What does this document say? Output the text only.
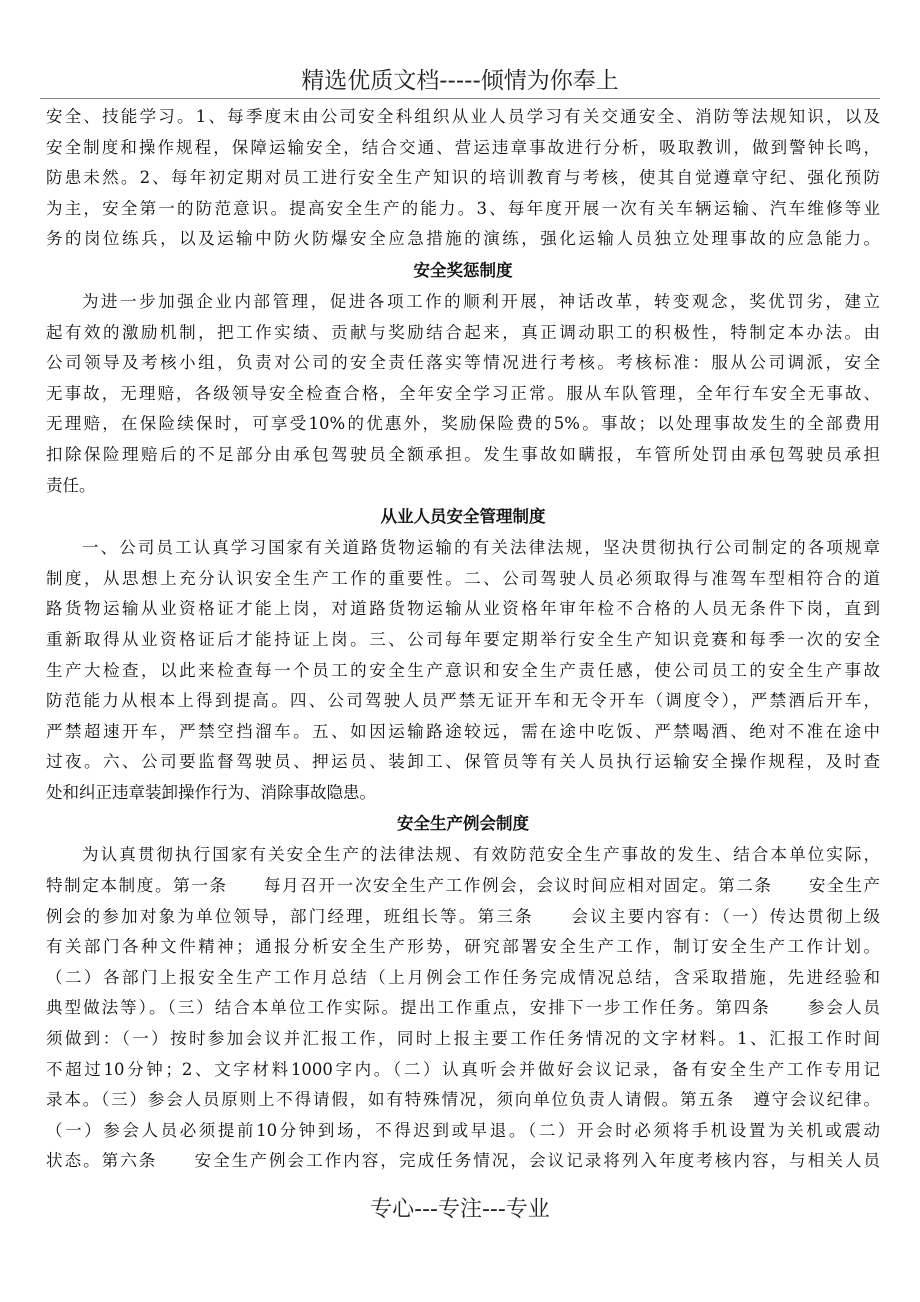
精选优质文档-----倾情为你奉上
安全、技能学习。1、每季度末由公司安全科组织从业人员学习有关交通安全、消防等法规知识，以及
安全制度和操作规程，保障运输安全，结合交通、营运违章事故进行分析，吸取教训，做到警钟长鸣，
防患未然。2、每年初定期对员工进行安全生产知识的培训教育与考核，使其自觉遵章守纪、强化预防
为主，安全第一的防范意识。提高安全生产的能力。3、每年度开展一次有关车辆运输、汽车维修等业
务的岗位练兵，以及运输中防火防爆安全应急措施的演练，强化运输人员独立处理事故的应急能力。
安全奖惩制度
为进一步加强企业内部管理，促进各项工作的顺利开展，神话改革，转变观念，奖优罚劣，建立
起有效的激励机制，把工作实绩、贡献与奖励结合起来，真正调动职工的积极性，特制定本办法。由
公司领导及考核小组，负责对公司的安全责任落实等情况进行考核。考核标准：服从公司调派，安全
无事故，无理赔，各级领导安全检查合格，全年安全学习正常。服从车队管理，全年行车安全无事故、
无理赔，在保险续保时，可享受10%的优惠外，奖励保险费的5%。事故；以处理事故发生的全部费用
扣除保险理赔后的不足部分由承包驾驶员全额承担。发生事故如瞒报，车管所处罚由承包驾驶员承担
责任。
从业人员安全管理制度
一、公司员工认真学习国家有关道路货物运输的有关法律法规，坚决贯彻执行公司制定的各项规章
制度，从思想上充分认识安全生产工作的重要性。二、公司驾驶人员必须取得与准驾车型相符合的道
路货物运输从业资格证才能上岗，对道路货物运输从业资格年审年检不合格的人员无条件下岗，直到
重新取得从业资格证后才能持证上岗。三、公司每年要定期举行安全生产知识竞赛和每季一次的安全
生产大检查，以此来检查每一个员工的安全生产意识和安全生产责任感，使公司员工的安全生产事故
防范能力从根本上得到提高。四、公司驾驶人员严禁无证开车和无令开车（调度令），严禁酒后开车，
严禁超速开车，严禁空挡溜车。五、如因运输路途较远，需在途中吃饭、严禁喝酒、绝对不准在途中
过夜。六、公司要监督驾驶员、押运员、装卸工、保管员等有关人员执行运输安全操作规程，及时查
处和纠正违章装卸操作行为、消除事故隐患。
安全生产例会制度
为认真贯彻执行国家有关安全生产的法律法规、有效防范安全生产事故的发生、结合本单位实际，
特制定本制度。第一条　　每月召开一次安全生产工作例会，会议时间应相对固定。第二条　　安全生产
例会的参加对象为单位领导，部门经理，班组长等。第三条　　会议主要内容有：（一）传达贯彻上级
有关部门各种文件精神；通报分析安全生产形势，研究部署安全生产工作，制订安全生产工作计划。
（二）各部门上报安全生产工作月总结（上月例会工作任务完成情况总结，含采取措施，先进经验和
典型做法等）。（三）结合本单位工作实际。提出工作重点，安排下一步工作任务。第四条　　参会人员
须做到：（一）按时参加会议并汇报工作，同时上报主要工作任务情况的文字材料。1、汇报工作时间
不超过10分钟；2、文字材料1000字内。（二）认真听会并做好会议记录，备有安全生产工作专用记
录本。（三）参会人员原则上不得请假，如有特殊情况，须向单位负责人请假。第五条　遵守会议纪律。
（一）参会人员必须提前10分钟到场，不得迟到或早退。（二）开会时必须将手机设置为关机或震动
状态。第六条　　安全生产例会工作内容，完成任务情况，会议记录将列入年度考核内容，与相关人员
专心---专注---专业
